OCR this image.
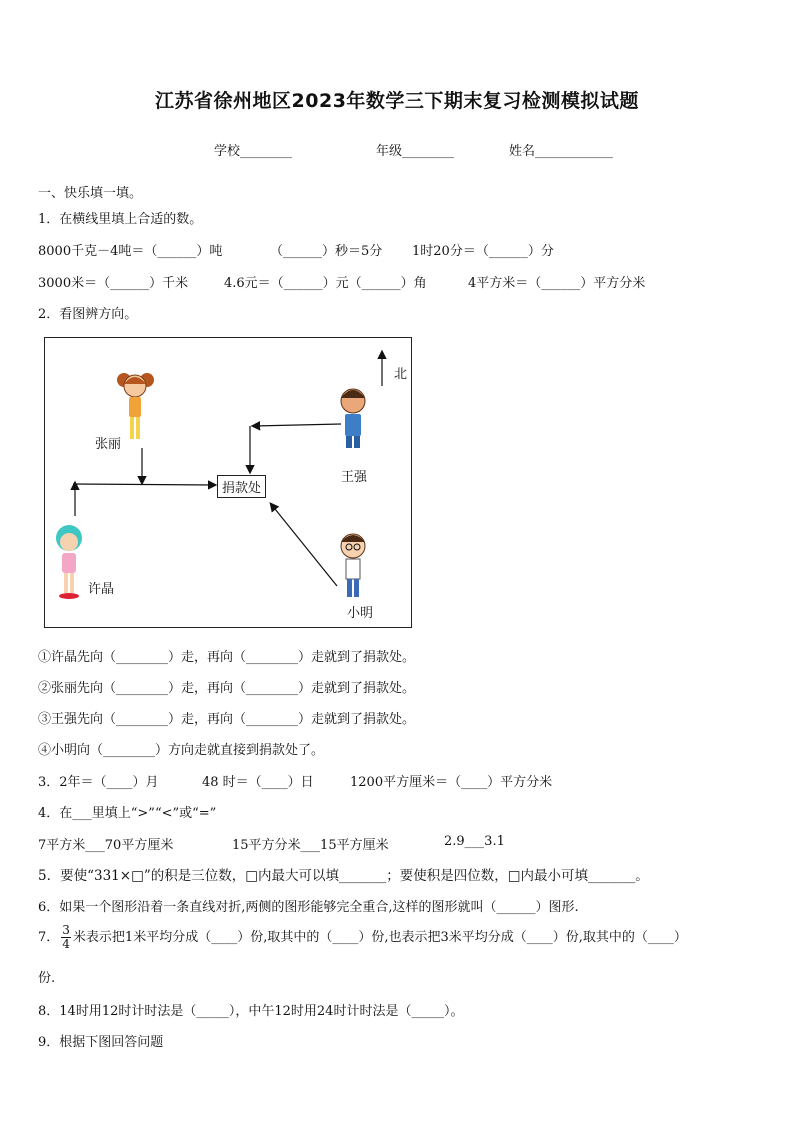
江苏省徐州地区2023年数学三下期末复习检测模拟试题
学校________	年级________	姓名____________
一、快乐填一填。
1．在横线里填上合适的数。
8000千克－4吨＝（______）吨	（______）秒＝5分 1时20分＝（______）分
3000米＝（______）千米	4.6元＝（______）元（______）角	4平方米＝（______）平方分米
2．看图辨方向。
北
张丽
王强
许晶
小明
捐款处
①许晶先向（________）走，再向（________）走就到了捐款处。
②张丽先向（________）走，再向（________）走就到了捐款处。
③王强先向（________）走，再向（________）走就到了捐款处。
④小明向（________）方向走就直接到捐款处了。
3．2年＝（____）月	48 时＝（____）日	1200平方厘米＝（____）平方分米
4．在___里填上“>”“<”或“=”
7平方米___70平方厘米	15平方分米___15平方厘米	2.9___3.1
5．要使“331×□”的积是三位数，□内最大可以填_______；要使积是四位数，□内最小可填_______。
6．如果一个图形沿着一条直线对折,两侧的图形能够完全重合,这样的图形就叫（______）图形.
7． $\frac{3}{4}$ 米表示把1米平均分成（____）份,取其中的（____）份,也表示把3米平均分成（____）份,取其中的（____）
份.
8．14时用12时计时法是（_____），中午12时用24时计时法是（_____）。
9．根据下图回答问题
